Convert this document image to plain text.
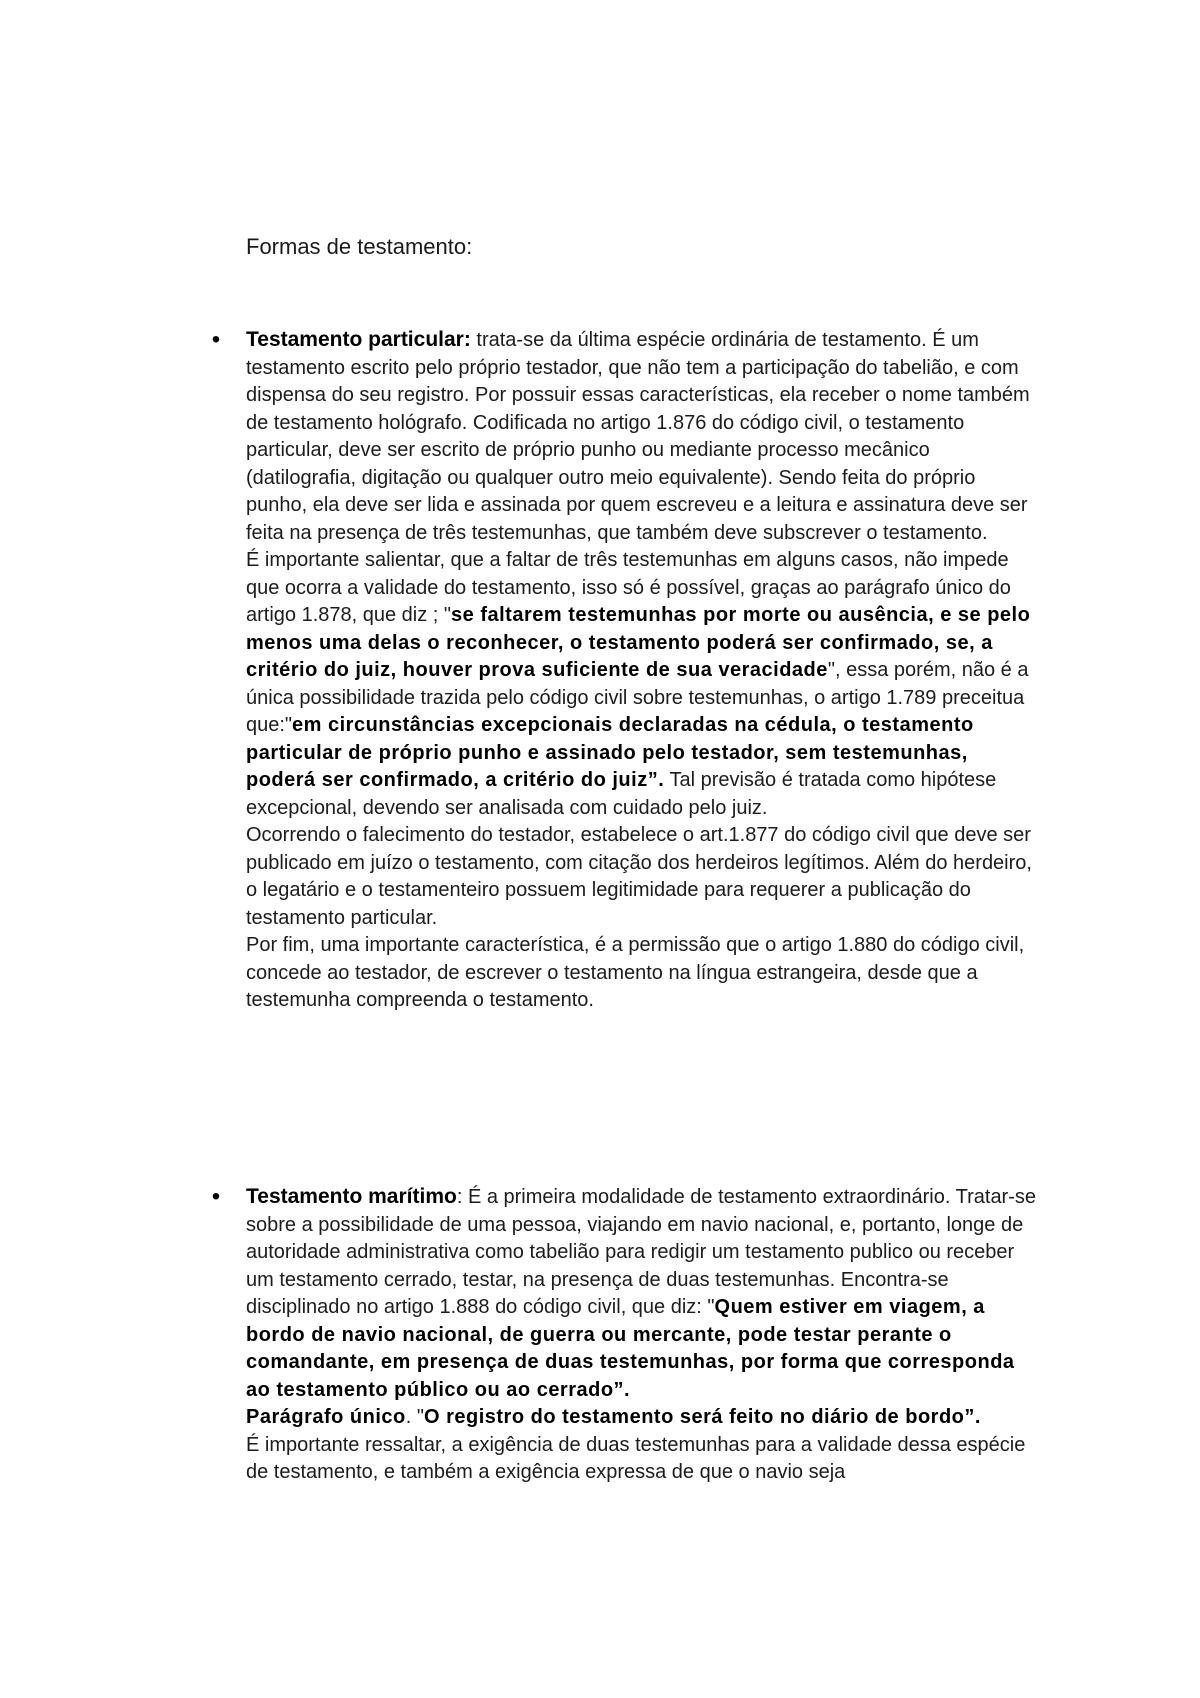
Formas de testamento:
• Testamento particular: trata-se da última espécie ordinária de testamento. É um testamento escrito pelo próprio testador, que não tem a participação do tabelião, e com dispensa do seu registro. Por possuir essas características, ela receber o nome também de testamento hológrafo. Codificada no artigo 1.876 do código civil, o testamento particular, deve ser escrito de próprio punho ou mediante processo mecânico (datilografia, digitação ou qualquer outro meio equivalente). Sendo feita do próprio punho, ela deve ser lida e assinada por quem escreveu e a leitura e assinatura deve ser feita na presença de três testemunhas, que também deve subscrever o testamento.

É importante salientar, que a faltar de três testemunhas em alguns casos, não impede que ocorra a validade do testamento, isso só é possível, graças ao parágrafo único do artigo 1.878, que diz ; "se faltarem testemunhas por morte ou ausência, e se pelo menos uma delas o reconhecer, o testamento poderá ser confirmado, se, a critério do juiz, houver prova suficiente de sua veracidade", essa porém, não é a única possibilidade trazida pelo código civil sobre testemunhas, o artigo 1.789 preceitua que:"em circunstâncias excepcionais declaradas na cédula, o testamento particular de próprio punho e assinado pelo testador, sem testemunhas, poderá ser confirmado, a critério do juiz”. Tal previsão é tratada como hipótese excepcional, devendo ser analisada com cuidado pelo juiz.

Ocorrendo o falecimento do testador, estabelece o art.1.877 do código civil que deve ser publicado em juízo o testamento, com citação dos herdeiros legítimos. Além do herdeiro, o legatário e o testamenteiro possuem legitimidade para requerer a publicação do testamento particular.

Por fim, uma importante característica, é a permissão que o artigo 1.880 do código civil, concede ao testador, de escrever o testamento na língua estrangeira, desde que a testemunha compreenda o testamento.

• Testamento marítimo: É a primeira modalidade de testamento extraordinário. Tratar-se sobre a possibilidade de uma pessoa, viajando em navio nacional, e, portanto, longe de autoridade administrativa como tabelião para redigir um testamento publico ou receber um testamento cerrado, testar, na presença de duas testemunhas. Encontra-se disciplinado no artigo 1.888 do código civil, que diz: "Quem estiver em viagem, a bordo de navio nacional, de guerra ou mercante, pode testar perante o comandante, em presença de duas testemunhas, por forma que corresponda ao testamento público ou ao cerrado”.

Parágrafo único. "O registro do testamento será feito no diário de bordo”.

É importante ressaltar, a exigência de duas testemunhas para a validade dessa espécie de testamento, e também a exigência expressa de que o navio seja
